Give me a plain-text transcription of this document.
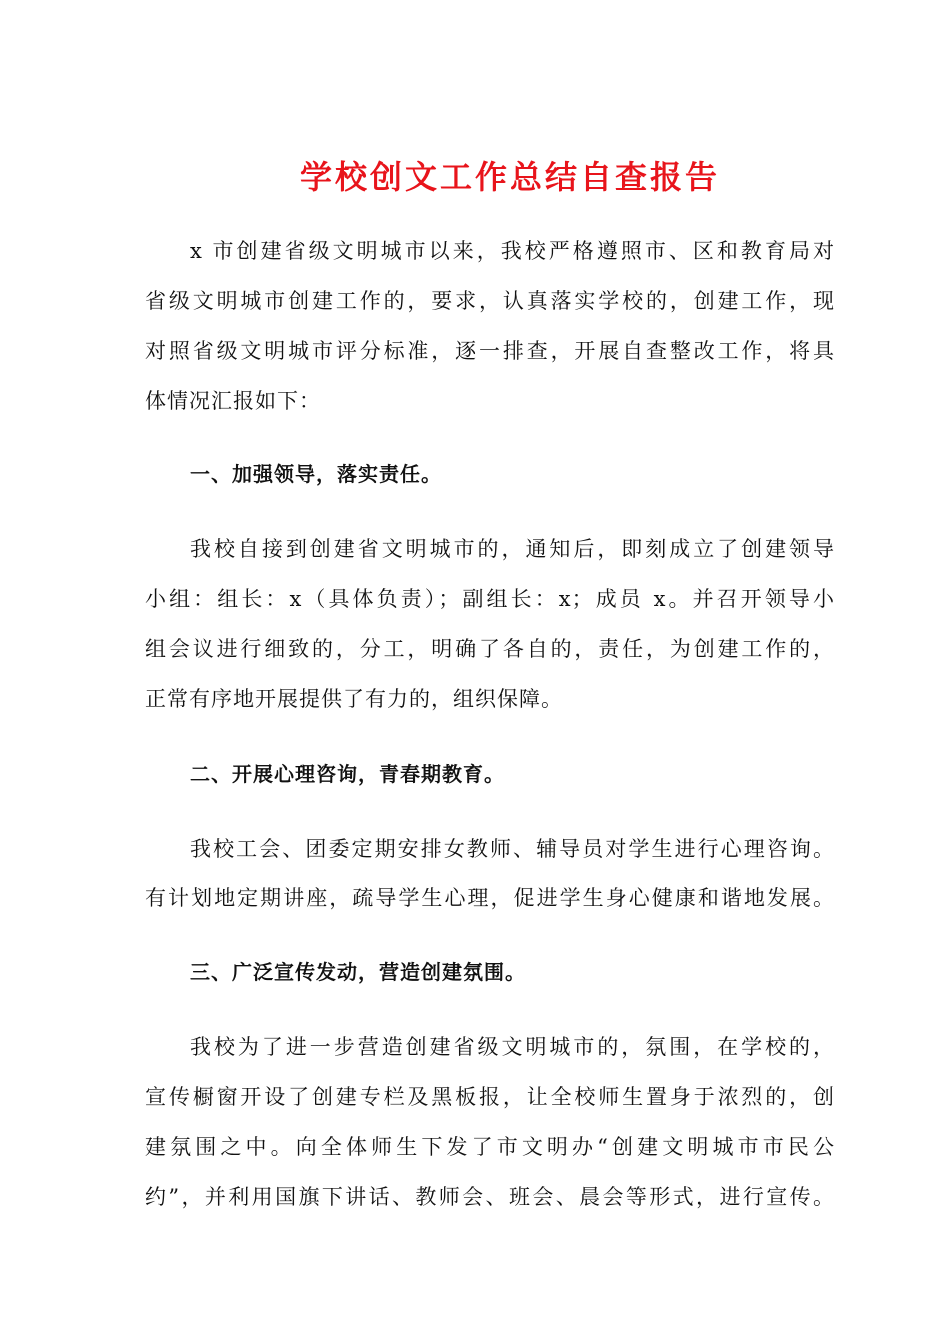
学校创文工作总结自查报告
x 市创建省级文明城市以来，我校严格遵照市、区和教育局对
省级文明城市创建工作的，要求，认真落实学校的，创建工作，现
对照省级文明城市评分标准，逐一排查，开展自查整改工作，将具
体情况汇报如下：
一、加强领导，落实责任。
我校自接到创建省文明城市的，通知后，即刻成立了创建领导
小组：组长：x（具体负责）；副组长：x；成员 x。并召开领导小
组会议进行细致的，分工，明确了各自的，责任，为创建工作的，
正常有序地开展提供了有力的，组织保障。
二、开展心理咨询，青春期教育。
我校工会、团委定期安排女教师、辅导员对学生进行心理咨询。
有计划地定期讲座，疏导学生心理，促进学生身心健康和谐地发展。
三、广泛宣传发动，营造创建氛围。
我校为了进一步营造创建省级文明城市的，氛围，在学校的，
宣传橱窗开设了创建专栏及黑板报，让全校师生置身于浓烈的，创
建氛围之中。向全体师生下发了市文明办“创建文明城市市民公
约”，并利用国旗下讲话、教师会、班会、晨会等形式，进行宣传。
